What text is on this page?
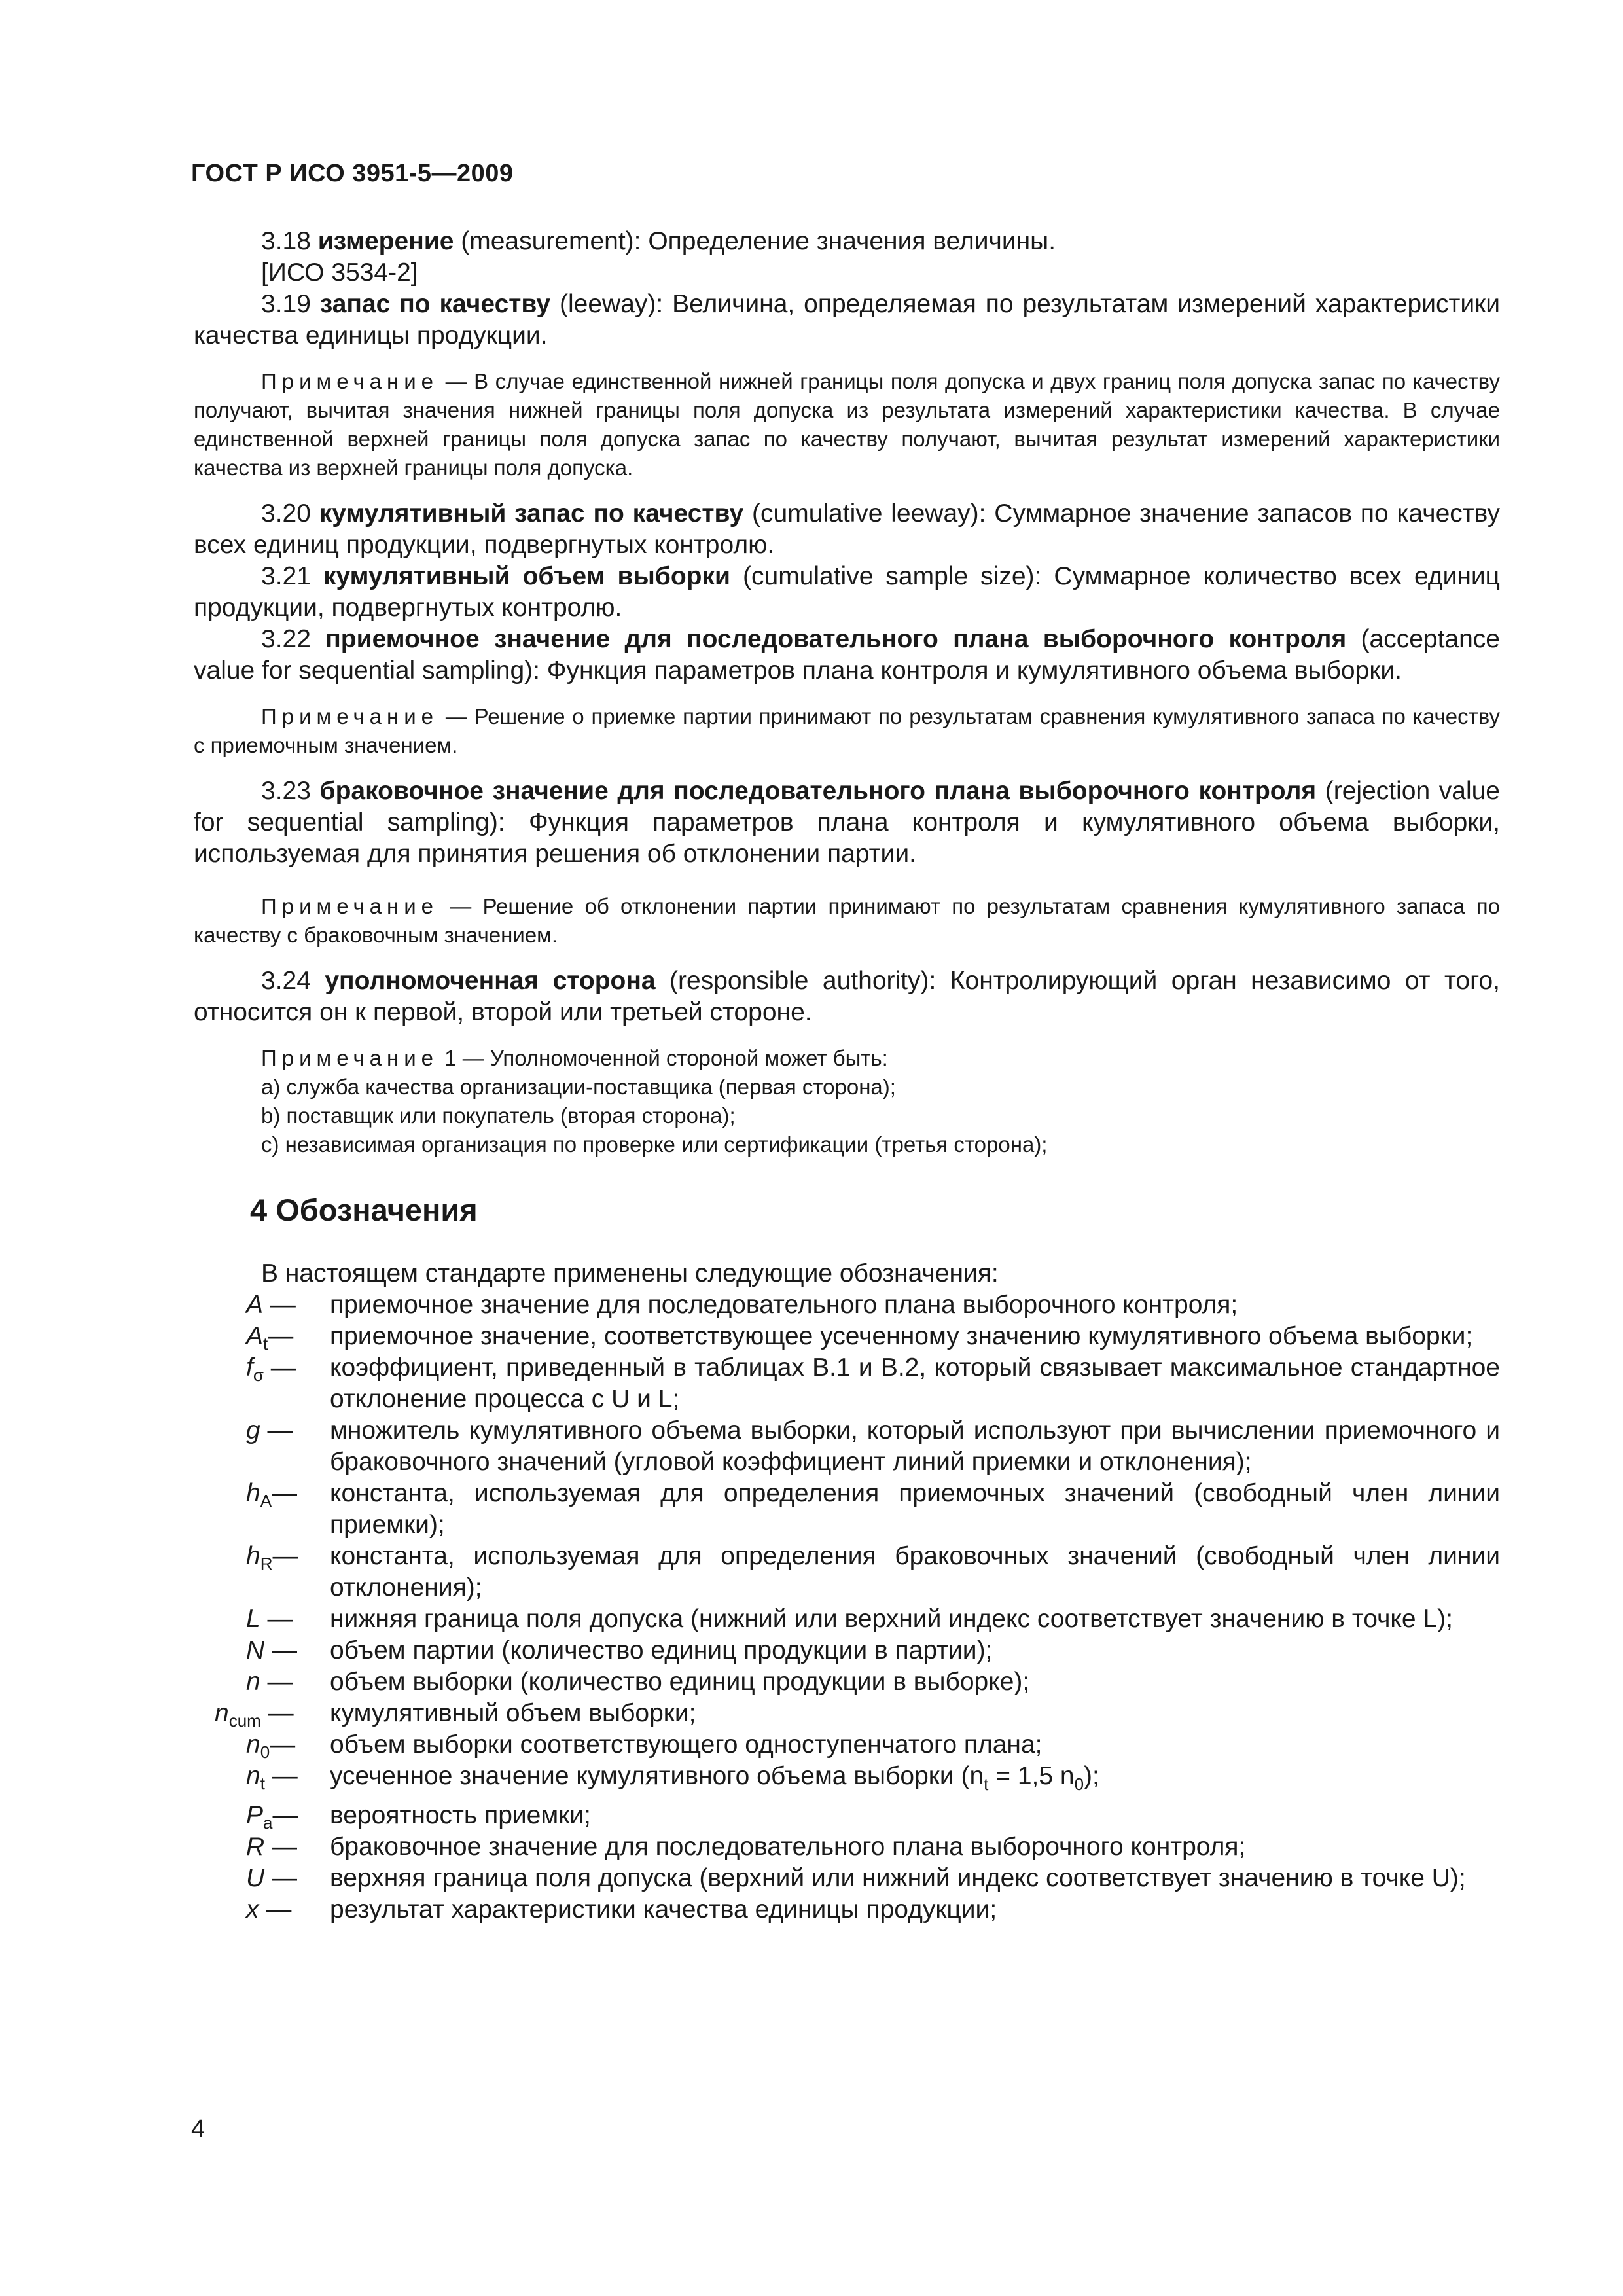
ГОСТ Р ИСО 3951-5—2009

3.18 измерение (measurement): Определение значения величины.

[ИСО 3534-2]

3.19 запас по качеству (leeway): Величина, определяемая по результатам измерений характеристики качества единицы продукции.

Примечание — В случае единственной нижней границы поля допуска и двух границ поля допуска запас по качеству получают, вычитая значения нижней границы поля допуска из результата измерений характеристики качества. В случае единственной верхней границы поля допуска запас по качеству получают, вычитая результат измерений характеристики качества из верхней границы поля допуска.

3.20 кумулятивный запас по качеству (cumulative leeway): Суммарное значение запасов по качеству всех единиц продукции, подвергнутых контролю.

3.21 кумулятивный объем выборки (cumulative sample size): Суммарное количество всех единиц продукции, подвергнутых контролю.

3.22 приемочное значение для последовательного плана выборочного контроля (acceptance value for sequential sampling): Функция параметров плана контроля и кумулятивного объема выборки.

Примечание — Решение о приемке партии принимают по результатам сравнения кумулятивного запаса по качеству с приемочным значением.

3.23 браковочное значение для последовательного плана выборочного контроля (rejection value for sequential sampling): Функция параметров плана контроля и кумулятивного объема выборки, используемая для принятия решения об отклонении партии.

Примечание — Решение об отклонении партии принимают по результатам сравнения кумулятивного запаса по качеству с браковочным значением.

3.24 уполномоченная сторона (responsible authority): Контролирующий орган независимо от того, относится он к первой, второй или третьей стороне.

Примечание 1 — Уполномоченной стороной может быть:

a) служба качества организации-поставщика (первая сторона);

b) поставщик или покупатель (вторая сторона);

c) независимая организация по проверке или сертификации (третья сторона);

4 Обозначения

В настоящем стандарте применены следующие обозначения:

A —	приемочное значение для последовательного плана выборочного контроля;

$A_t—$	приемочное значение, соответствующее усеченному значению кумулятивного объема выборки;

$f_\sigma$ —	коэффициент, приведенный в таблицах B.1 и B.2, который связывает максимальное стандартное отклонение процесса с U и L;

g —	множитель кумулятивного объема выборки, который используют при вычислении приемочного и браковочного значений (угловой коэффициент линий приемки и отклонения);

$h_A—$	константа, используемая для определения приемочных значений (свободный член линии приемки);

$h_R—$	константа, используемая для определения браковочных значений (свободный член линии отклонения);

L —	нижняя граница поля допуска (нижний или верхний индекс соответствует значению в точке L);

N —	объем партии (количество единиц продукции в партии);

n —	объем выборки (количество единиц продукции в выборке);

$n_{cum}$ — кумулятивный объем выборки;

$n_0—$	объем выборки соответствующего одноступенчатого плана;

$n_t$ —	усеченное значение кумулятивного объема выборки ($n_t = 1,5$ $n_0$);

$P_a—$	вероятность приемки;

R —	браковочное значение для последовательного плана выборочного контроля;

U —	верхняя граница поля допуска (верхний или нижний индекс соответствует значению в точке U);

x —	результат характеристики качества единицы продукции;

4
